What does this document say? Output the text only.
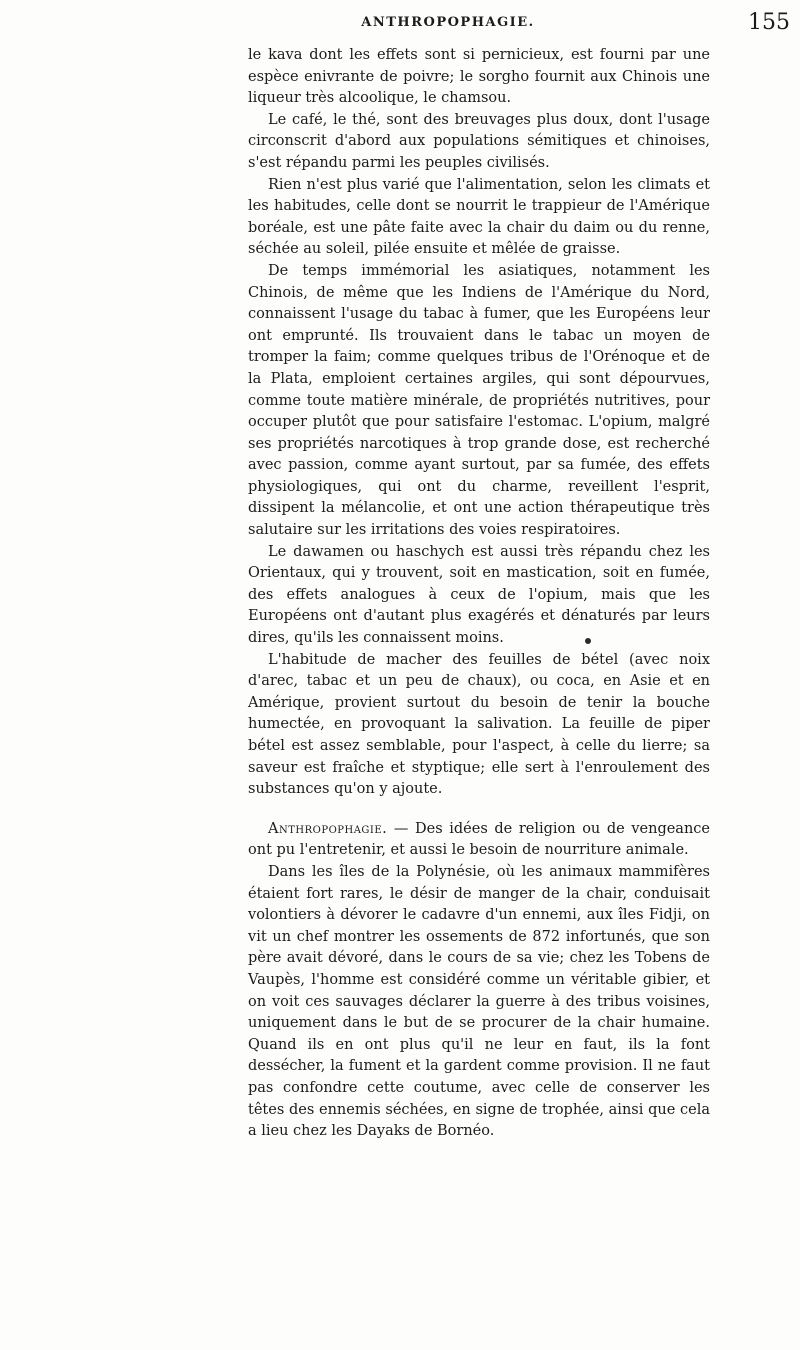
ANTHROPOPHAGIE.	155

le kava dont les effets sont si pernicieux, est fourni par une espèce enivrante de poivre; le sorgho fournit aux Chinois une liqueur très alcoolique, le chamsou.

Le café, le thé, sont des breuvages plus doux, dont l'usage circonscrit d'abord aux populations sémitiques et chinoises, s'est répandu parmi les peuples civilisés.

Rien n'est plus varié que l'alimentation, selon les climats et les habitudes, celle dont se nourrit le trappieur de l'Amérique boréale, est une pâte faite avec la chair du daim ou du renne, séchée au soleil, pilée ensuite et mêlée de graisse.

De temps immémorial les asiatiques, notamment les Chinois, de même que les Indiens de l'Amérique du Nord, connaissent l'usage du tabac à fumer, que les Européens leur ont emprunté. Ils trouvaient dans le tabac un moyen de tromper la faim; comme quelques tribus de l'Orénoque et de la Plata, emploient certaines argiles, qui sont dépourvues, comme toute matière minérale, de propriétés nutritives, pour occuper plutôt que pour satisfaire l'estomac. L'opium, malgré ses propriétés narcotiques à trop grande dose, est recherché avec passion, comme ayant surtout, par sa fumée, des effets physiologiques, qui ont du charme, reveillent l'esprit, dissipent la mélancolie, et ont une action thérapeutique très salutaire sur les irritations des voies respiratoires.

Le dawamen ou haschych est aussi très répandu chez les Orientaux, qui y trouvent, soit en mastication, soit en fumée, des effets analogues à ceux de l'opium, mais que les Européens ont d'autant plus exagérés et dénaturés par leurs dires, qu'ils les connaissent moins.

L'habitude de macher des feuilles de bétel (avec noix d'arec, tabac et un peu de chaux), ou coca, en Asie et en Amérique, provient surtout du besoin de tenir la bouche humectée, en provoquant la salivation. La feuille de piper bétel est assez semblable, pour l'aspect, à celle du lierre; sa saveur est fraîche et styptique; elle sert à l'enroulement des substances qu'on y ajoute.

Anthropophagie. — Des idées de religion ou de vengeance ont pu l'entretenir, et aussi le besoin de nourriture animale.

Dans les îles de la Polynésie, où les animaux mammifères étaient fort rares, le désir de manger de la chair, conduisait volontiers à dévorer le cadavre d'un ennemi, aux îles Fidji, on vit un chef montrer les ossements de 872 infortunés, que son père avait dévoré, dans le cours de sa vie; chez les Tobens de Vaupès, l'homme est considéré comme un véritable gibier, et on voit ces sauvages déclarer la guerre à des tribus voisines, uniquement dans le but de se procurer de la chair humaine. Quand ils en ont plus qu'il ne leur en faut, ils la font dessécher, la fument et la gardent comme provision. Il ne faut pas confondre cette coutume, avec celle de conserver les têtes des ennemis séchées, en signe de trophée, ainsi que cela a lieu chez les Dayaks de Bornéo.
